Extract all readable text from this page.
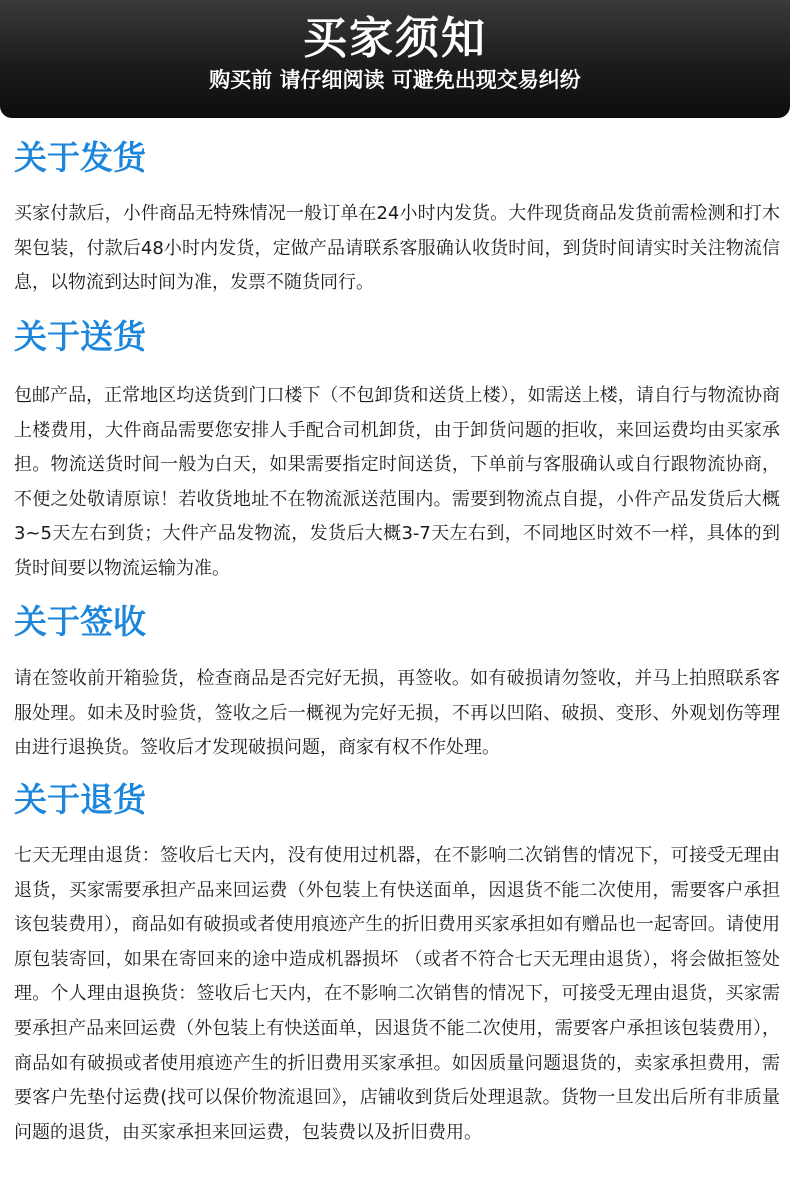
买家须知
购买前 请仔细阅读 可避免出现交易纠纷
关于发货

买家付款后，小件商品无特殊情况一般订单在24小时内发货。大件现货商品发货前需检测和打木架包装，付款后48小时内发货，定做产品请联系客服确认收货时间，到货时间请实时关注物流信息，以物流到达时间为准，发票不随货同行。

关于送货

包邮产品，正常地区均送货到门口楼下（不包卸货和送货上楼），如需送上楼，请自行与物流协商上楼费用，大件商品需要您安排人手配合司机卸货，由于卸货问题的拒收，来回运费均由买家承担。物流送货时间一般为白天，如果需要指定时间送货，下单前与客服确认或自行跟物流协商，不便之处敬请原谅！若收货地址不在物流派送范围内。需要到物流点自提，小件产品发货后大概3~5天左右到货；大件产品发物流，发货后大概3-7天左右到，不同地区时效不一样，具体的到货时间要以物流运输为准。

关于签收

请在签收前开箱验货，检查商品是否完好无损，再签收。如有破损请勿签收，并马上拍照联系客服处理。如未及时验货，签收之后一概视为完好无损，不再以凹陷、破损、变形、外观划伤等理由进行退换货。签收后才发现破损问题，商家有权不作处理。

关于退货

七天无理由退货：签收后七天内，没有使用过机器，在不影响二次销售的情况下，可接受无理由退货，买家需要承担产品来回运费（外包装上有快送面单，因退货不能二次使用，需要客户承担该包装费用），商品如有破损或者使用痕迹产生的折旧费用买家承担如有赠品也一起寄回。请使用原包装寄回，如果在寄回来的途中造成机器损坏 （或者不符合七天无理由退货），将会做拒签处理。个人理由退换货：签收后七天内，在不影响二次销售的情况下，可接受无理由退货，买家需要承担产品来回运费（外包装上有快送面单，因退货不能二次使用，需要客户承担该包装费用），商品如有破损或者使用痕迹产生的折旧费用买家承担。如因质量问题退货的，卖家承担费用，需要客户先垫付运费(找可以保价物流退回》，店铺收到货后处理退款。货物一旦发出后所有非质量问题的退货，由买家承担来回运费，包装费以及折旧费用。
